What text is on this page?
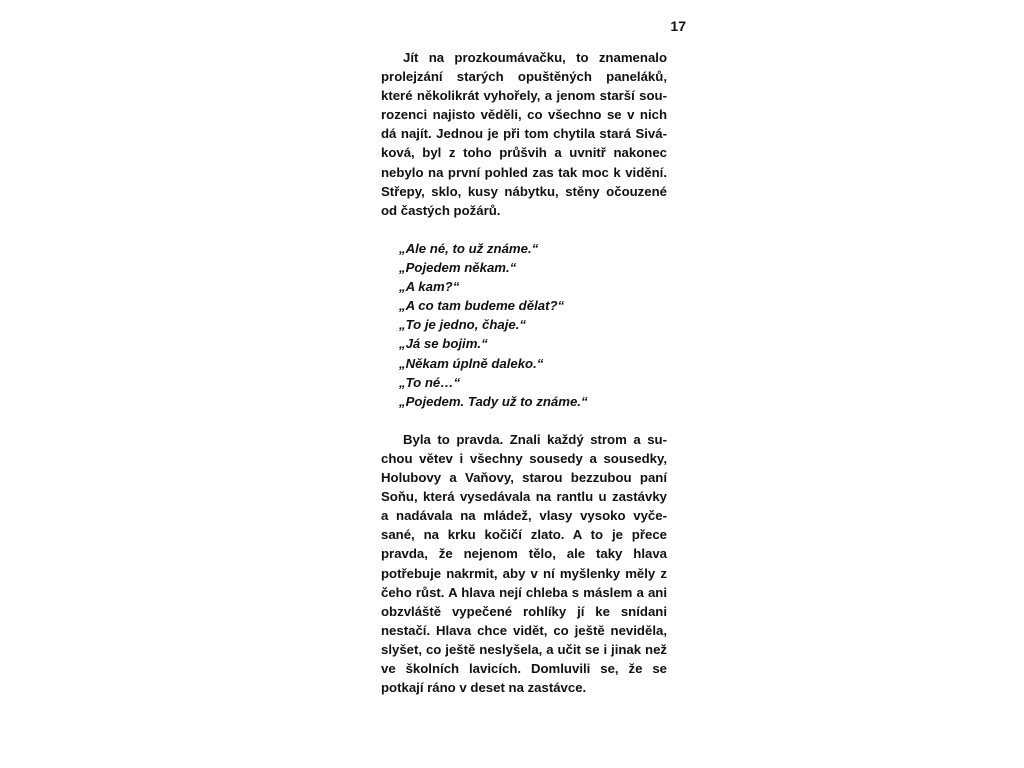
17

Jít na prozkoumávačku, to znamenalo prolejzání starých opuštěných paneláků, které několikrát vyhořely, a jenom starší sourozenci najisto věděli, co všechno se v nich dá najít. Jednou je při tom chytila stará Siváková, byl z toho průšvih a uvnitř nakonec nebylo na první pohled zas tak moc k vidění. Střepy, sklo, kusy nábytku, stěny očouzené od častých požárů.

„Ale né, to už známe.“
„Pojedem někam.“
„A kam?“
„A co tam budeme dělat?“
„To je jedno, čhaje.“
„Já se bojim.“
„Někam úplně daleko.“
„To né…“
„Pojedem. Tady už to známe.“

Byla to pravda. Znali každý strom a suchou větev i všechny sousedy a sousedky, Holubovy a Vaňovy, starou bezzubou paní Soňu, která vysedávala na rantlu u zastávky a nadávala na mládež, vlasy vysoko vyčesané, na krku kočičí zlato. A to je přece pravda, že nejenom tělo, ale taky hlava potřebuje nakrmit, aby v ní myšlenky měly z čeho růst. A hlava nejí chleba s máslem a ani obzvláště vypečené rohlíky jí ke snídani nestačí. Hlava chce vidět, co ještě neviděla, slyšet, co ještě neslyšela, a učit se i jinak než ve školních lavicích. Domluvili se, že se potkají ráno v deset na zastávce.
